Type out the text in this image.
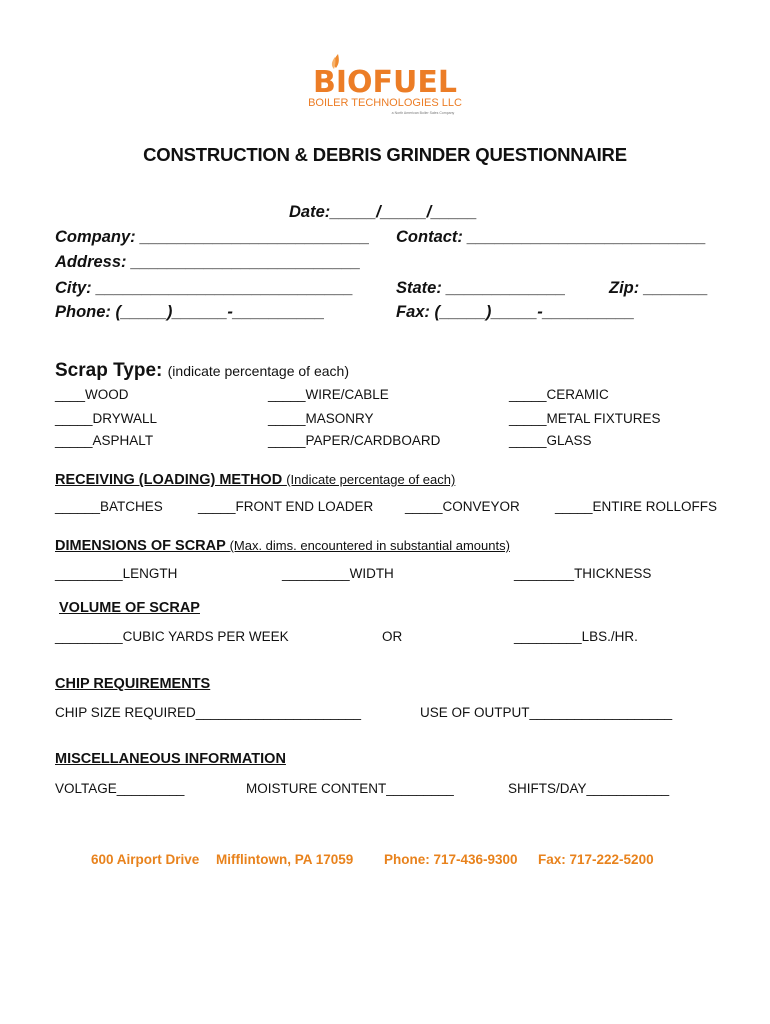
BIOFUEL
BOILER TECHNOLOGIES LLC
a North American Boiler Sales Company
CONSTRUCTION & DEBRIS GRINDER QUESTIONNAIRE
Date:_____/_____/_____
Company: _________________________ Contact: __________________________
Address: _________________________
City: ____________________________	State: _____________	Zip: _______
Phone: (_____)______-__________	Fax: (_____)_____-__________
Scrap Type: (indicate percentage of each)
____WOOD	_____WIRE/CABLE	_____CERAMIC
_____DRYWALL	_____MASONRY	_____METAL FIXTURES
_____ASPHALT	_____PAPER/CARDBOARD	_____GLASS
RECEIVING (LOADING) METHOD (Indicate percentage of each)
______BATCHES	_____FRONT END LOADER _____CONVEYOR	_____ENTIRE ROLLOFFS
DIMENSIONS OF SCRAP (Max. dims. encountered in substantial amounts)
_________LENGTH	_________WIDTH	________THICKNESS
VOLUME OF SCRAP
_________CUBIC YARDS PER WEEK	OR	_________LBS./HR.
CHIP REQUIREMENTS
CHIP SIZE REQUIRED______________________	USE OF OUTPUT___________________
MISCELLANEOUS INFORMATION
VOLTAGE_________	MOISTURE CONTENT_________	SHIFTS/DAY___________
600 Airport Drive Mifflintown, PA 17059 Phone: 717-436-9300 Fax: 717-222-5200
